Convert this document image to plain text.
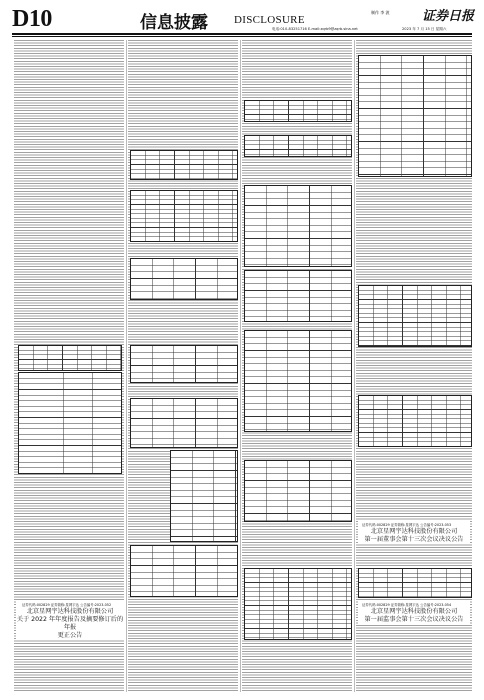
D10	信息披露 DISCLOSURE
制作 李 波 证券日报
电话:010-83251716 E-mail:zqrb9@zqrb.sina.net	2023 年 7 月 15 日 星期六
证券代码:002829 证券简称:星网宇达 公告编号:2023-052
北京星网宇达科技股份有限公司
关于 2022 年年度报告及摘要修订后的年报
更正公告
证券代码:002829 证券简称:星网宇达 公告编号:2023-053
北京星网宇达科技股份有限公司
第一届董事会第十三次会议决议公告
证券代码:002829 证券简称:星网宇达 公告编号:2023-054
北京星网宇达科技股份有限公司
第一届监事会第十三次会议决议公告
